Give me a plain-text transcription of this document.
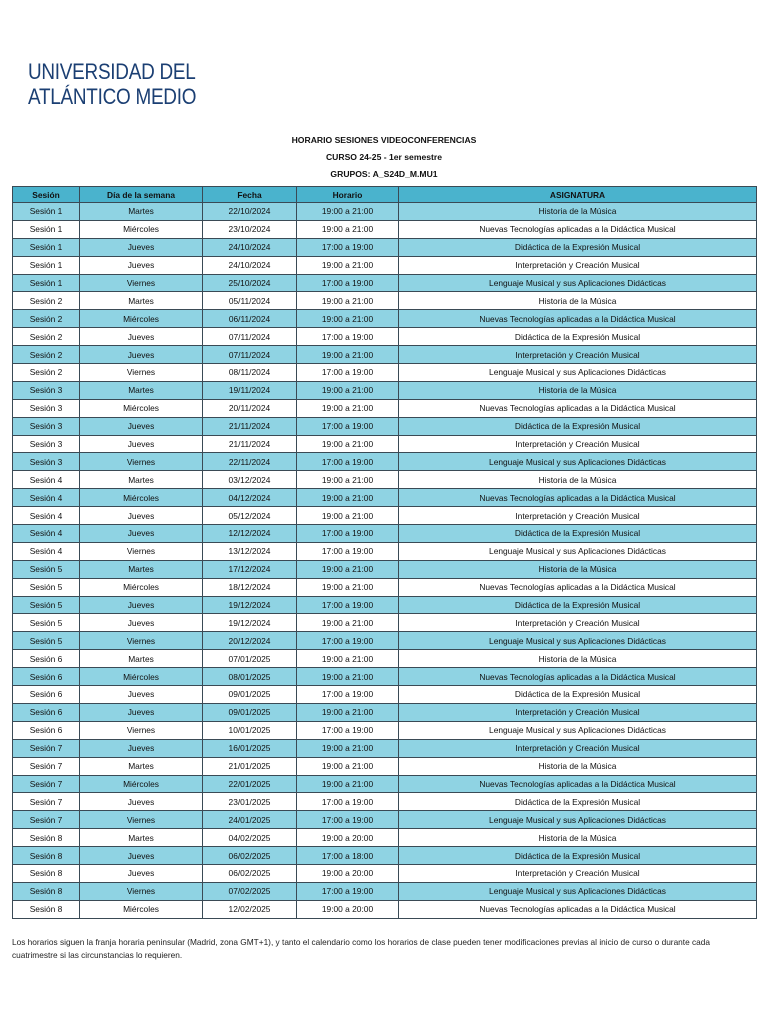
UNIVERSIDAD DEL
ATLÁNTICO MEDIO
HORARIO SESIONES VIDEOCONFERENCIAS
CURSO 24-25 - 1er semestre
GRUPOS: A_S24D_M.MU1
Sesión	Día de la semana	Fecha	Horario	ASIGNATURA
Sesión 1	Martes	22/10/2024	19:00 a 21:00	Historia de la Música
Sesión 1	Miércoles	23/10/2024	19:00 a 21:00	Nuevas Tecnologías aplicadas a la Didáctica Musical
Sesión 1	Jueves	24/10/2024	17:00 a 19:00	Didáctica de la Expresión Musical
Sesión 1	Jueves	24/10/2024	19:00 a 21:00	Interpretación y Creación Musical
Sesión 1	Viernes	25/10/2024	17:00 a 19:00	Lenguaje Musical y sus Aplicaciones Didácticas
Sesión 2	Martes	05/11/2024	19:00 a 21:00	Historia de la Música
Sesión 2	Miércoles	06/11/2024	19:00 a 21:00	Nuevas Tecnologías aplicadas a la Didáctica Musical
Sesión 2	Jueves	07/11/2024	17:00 a 19:00	Didáctica de la Expresión Musical
Sesión 2	Jueves	07/11/2024	19:00 a 21:00	Interpretación y Creación Musical
Sesión 2	Viernes	08/11/2024	17:00 a 19:00	Lenguaje Musical y sus Aplicaciones Didácticas
Sesión 3	Martes	19/11/2024	19:00 a 21:00	Historia de la Música
Sesión 3	Miércoles	20/11/2024	19:00 a 21:00	Nuevas Tecnologías aplicadas a la Didáctica Musical
Sesión 3	Jueves	21/11/2024	17:00 a 19:00	Didáctica de la Expresión Musical
Sesión 3	Jueves	21/11/2024	19:00 a 21:00	Interpretación y Creación Musical
Sesión 3	Viernes	22/11/2024	17:00 a 19:00	Lenguaje Musical y sus Aplicaciones Didácticas
Sesión 4	Martes	03/12/2024	19:00 a 21:00	Historia de la Música
Sesión 4	Miércoles	04/12/2024	19:00 a 21:00	Nuevas Tecnologías aplicadas a la Didáctica Musical
Sesión 4	Jueves	05/12/2024	19:00 a 21:00	Interpretación y Creación Musical
Sesión 4	Jueves	12/12/2024	17:00 a 19:00	Didáctica de la Expresión Musical
Sesión 4	Viernes	13/12/2024	17:00 a 19:00	Lenguaje Musical y sus Aplicaciones Didácticas
Sesión 5	Martes	17/12/2024	19:00 a 21:00	Historia de la Música
Sesión 5	Miércoles	18/12/2024	19:00 a 21:00	Nuevas Tecnologías aplicadas a la Didáctica Musical
Sesión 5	Jueves	19/12/2024	17:00 a 19:00	Didáctica de la Expresión Musical
Sesión 5	Jueves	19/12/2024	19:00 a 21:00	Interpretación y Creación Musical
Sesión 5	Viernes	20/12/2024	17:00 a 19:00	Lenguaje Musical y sus Aplicaciones Didácticas
Sesión 6	Martes	07/01/2025	19:00 a 21:00	Historia de la Música
Sesión 6	Miércoles	08/01/2025	19:00 a 21:00	Nuevas Tecnologías aplicadas a la Didáctica Musical
Sesión 6	Jueves	09/01/2025	17:00 a 19:00	Didáctica de la Expresión Musical
Sesión 6	Jueves	09/01/2025	19:00 a 21:00	Interpretación y Creación Musical
Sesión 6	Viernes	10/01/2025	17:00 a 19:00	Lenguaje Musical y sus Aplicaciones Didácticas
Sesión 7	Jueves	16/01/2025	19:00 a 21:00	Interpretación y Creación Musical
Sesión 7	Martes	21/01/2025	19:00 a 21:00	Historia de la Música
Sesión 7	Miércoles	22/01/2025	19:00 a 21:00	Nuevas Tecnologías aplicadas a la Didáctica Musical
Sesión 7	Jueves	23/01/2025	17:00 a 19:00	Didáctica de la Expresión Musical
Sesión 7	Viernes	24/01/2025	17:00 a 19:00	Lenguaje Musical y sus Aplicaciones Didácticas
Sesión 8	Martes	04/02/2025	19:00 a 20:00	Historia de la Música
Sesión 8	Jueves	06/02/2025	17:00 a 18:00	Didáctica de la Expresión Musical
Sesión 8	Jueves	06/02/2025	19:00 a 20:00	Interpretación y Creación Musical
Sesión 8	Viernes	07/02/2025	17:00 a 19:00	Lenguaje Musical y sus Aplicaciones Didácticas
Sesión 8	Miércoles	12/02/2025	19:00 a 20:00	Nuevas Tecnologías aplicadas a la Didáctica Musical
Los horarios siguen la franja horaria peninsular (Madrid, zona GMT+1), y tanto el calendario como los horarios de clase pueden tener modificaciones previas al inicio de curso o durante cada cuatrimestre si las circunstancias lo requieren.
